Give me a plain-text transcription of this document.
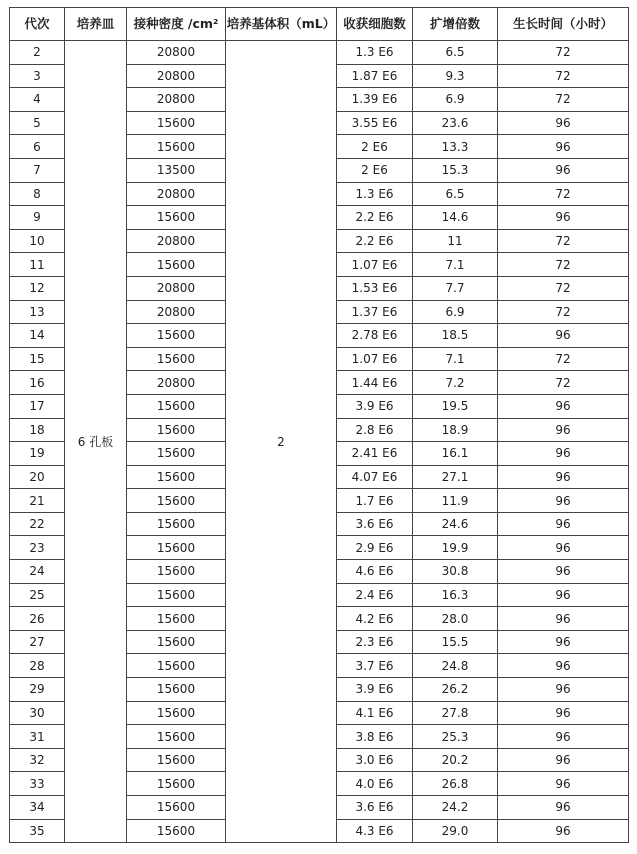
代次	培养皿	接种密度 /cm²	培养基体积（mL）	收获细胞数	扩增倍数	生长时间（小时）
2	6 孔板	20800	2	1.3 E6	6.5	72
3		20800		1.87 E6	9.3	72
4		20800		1.39 E6	6.9	72
5		15600		3.55 E6	23.6	96
6		15600		2 E6	13.3	96
7		13500		2 E6	15.3	96
8		20800		1.3 E6	6.5	72
9		15600		2.2 E6	14.6	96
10		20800		2.2 E6	11	72
11		15600		1.07 E6	7.1	72
12		20800		1.53 E6	7.7	72
13		20800		1.37 E6	6.9	72
14		15600		2.78 E6	18.5	96
15		15600		1.07 E6	7.1	72
16		20800		1.44 E6	7.2	72
17		15600		3.9 E6	19.5	96
18		15600		2.8 E6	18.9	96
19		15600		2.41 E6	16.1	96
20		15600		4.07 E6	27.1	96
21		15600		1.7 E6	11.9	96
22		15600		3.6 E6	24.6	96
23		15600		2.9 E6	19.9	96
24		15600		4.6 E6	30.8	96
25		15600		2.4 E6	16.3	96
26		15600		4.2 E6	28.0	96
27		15600		2.3 E6	15.5	96
28		15600		3.7 E6	24.8	96
29		15600		3.9 E6	26.2	96
30		15600		4.1 E6	27.8	96
31		15600		3.8 E6	25.3	96
32		15600		3.0 E6	20.2	96
33		15600		4.0 E6	26.8	96
34		15600		3.6 E6	24.2	96
35		15600		4.3 E6	29.0	96
